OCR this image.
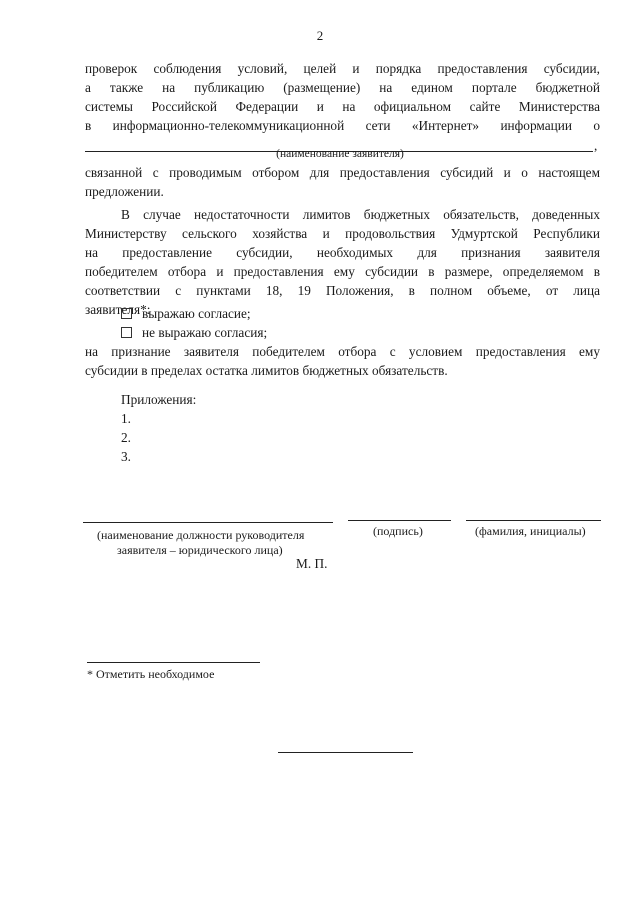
2
проверок соблюдения условий, целей и порядка предоставления субсидии,
а также на публикацию (размещение) на едином портале бюджетной
системы Российской Федерации и на официальном сайте Министерства
в информационно-телекоммуникационной сети «Интернет» информации о
,
(наименование заявителя)
связанной с проводимым отбором для предоставления субсидий и о настоящем
предложении.
В случае недостаточности лимитов бюджетных обязательств, доведенных
Министерству сельского хозяйства и продовольствия Удмуртской Республики
на предоставление субсидии, необходимых для признания заявителя
победителем отбора и предоставления ему субсидии в размере, определяемом в
соответствии с пунктами 18, 19 Положения, в полном объеме, от лица
заявителя*:
выражаю согласие;
не выражаю согласия;
на признание заявителя победителем отбора с условием предоставления ему
субсидии в пределах остатка лимитов бюджетных обязательств.
Приложения:
1.
2.
3.
(наименование должности руководителя
заявителя – юридического лица)
(подпись)	(фамилия, инициалы)
М. П.
* Отметить необходимое
